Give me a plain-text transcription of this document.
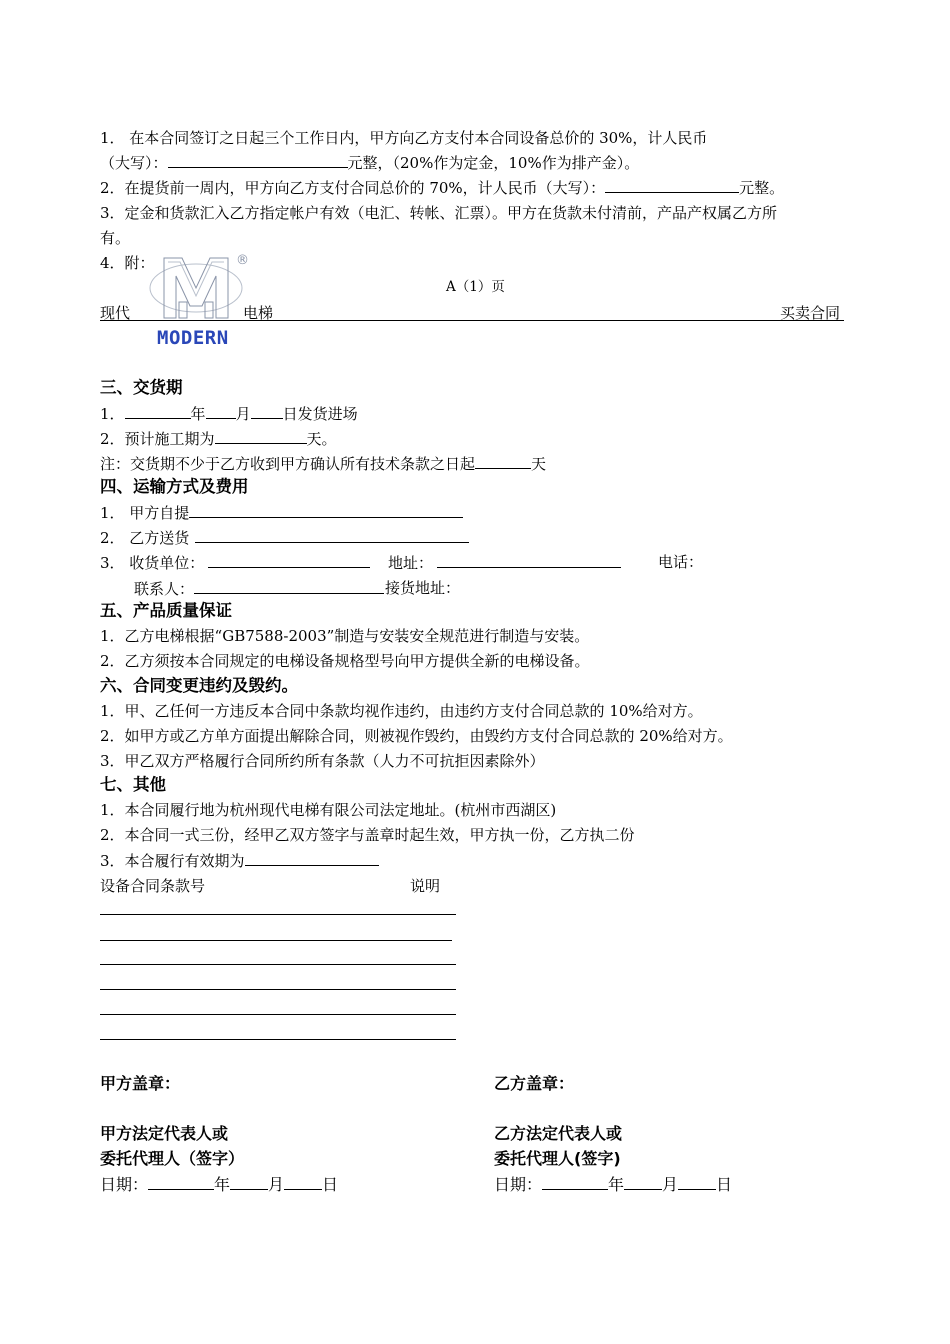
1． 在本合同签订之日起三个工作日内，甲方向乙方支付本合同设备总价的 30%，计人民币
（大写）：	元整，（20%作为定金，10%作为排产金）。
2．在提货前一周内，甲方向乙方支付合同总价的 70%，计人民币（大写）：	元整。
3．定金和货款汇入乙方指定帐户有效（电汇、转帐、汇票）。甲方在货款未付清前，产品产权属乙方所
有。
4．附：	®
A（1）页
现代	电梯	买卖合同
MODERN
三、交货期
1．	年 月 日发货进场
2．预计施工期为	天。
注：交货期不少于乙方收到甲方确认所有技术条款之日起	天
四、运输方式及费用
1． 甲方自提
2． 乙方送货
3． 收货单位：	地址：	电话：
联系人：	接货地址：
五、产品质量保证
1．乙方电梯根据“GB7588-2003”制造与安装安全规范进行制造与安装。
2．乙方须按本合同规定的电梯设备规格型号向甲方提供全新的电梯设备。
六、合同变更违约及毁约。
1．甲、乙任何一方违反本合同中条款均视作违约，由违约方支付合同总款的 10%给对方。
2．如甲方或乙方单方面提出解除合同，则被视作毁约，由毁约方支付合同总款的 20%给对方。
3．甲乙双方严格履行合同所约所有条款（人力不可抗拒因素除外）
七、其他
1．本合同履行地为杭州现代电梯有限公司法定地址。(杭州市西湖区)
2．本合同一式三份，经甲乙双方签字与盖章时起生效，甲方执一份，乙方执二份
3．本合履行有效期为
设备合同条款号	说明
甲方盖章：	乙方盖章：
甲方法定代表人或
委托代理人（签字）
乙方法定代表人或
委托代理人(签字)
日期：	年 月 日	日期：	年 月 日
